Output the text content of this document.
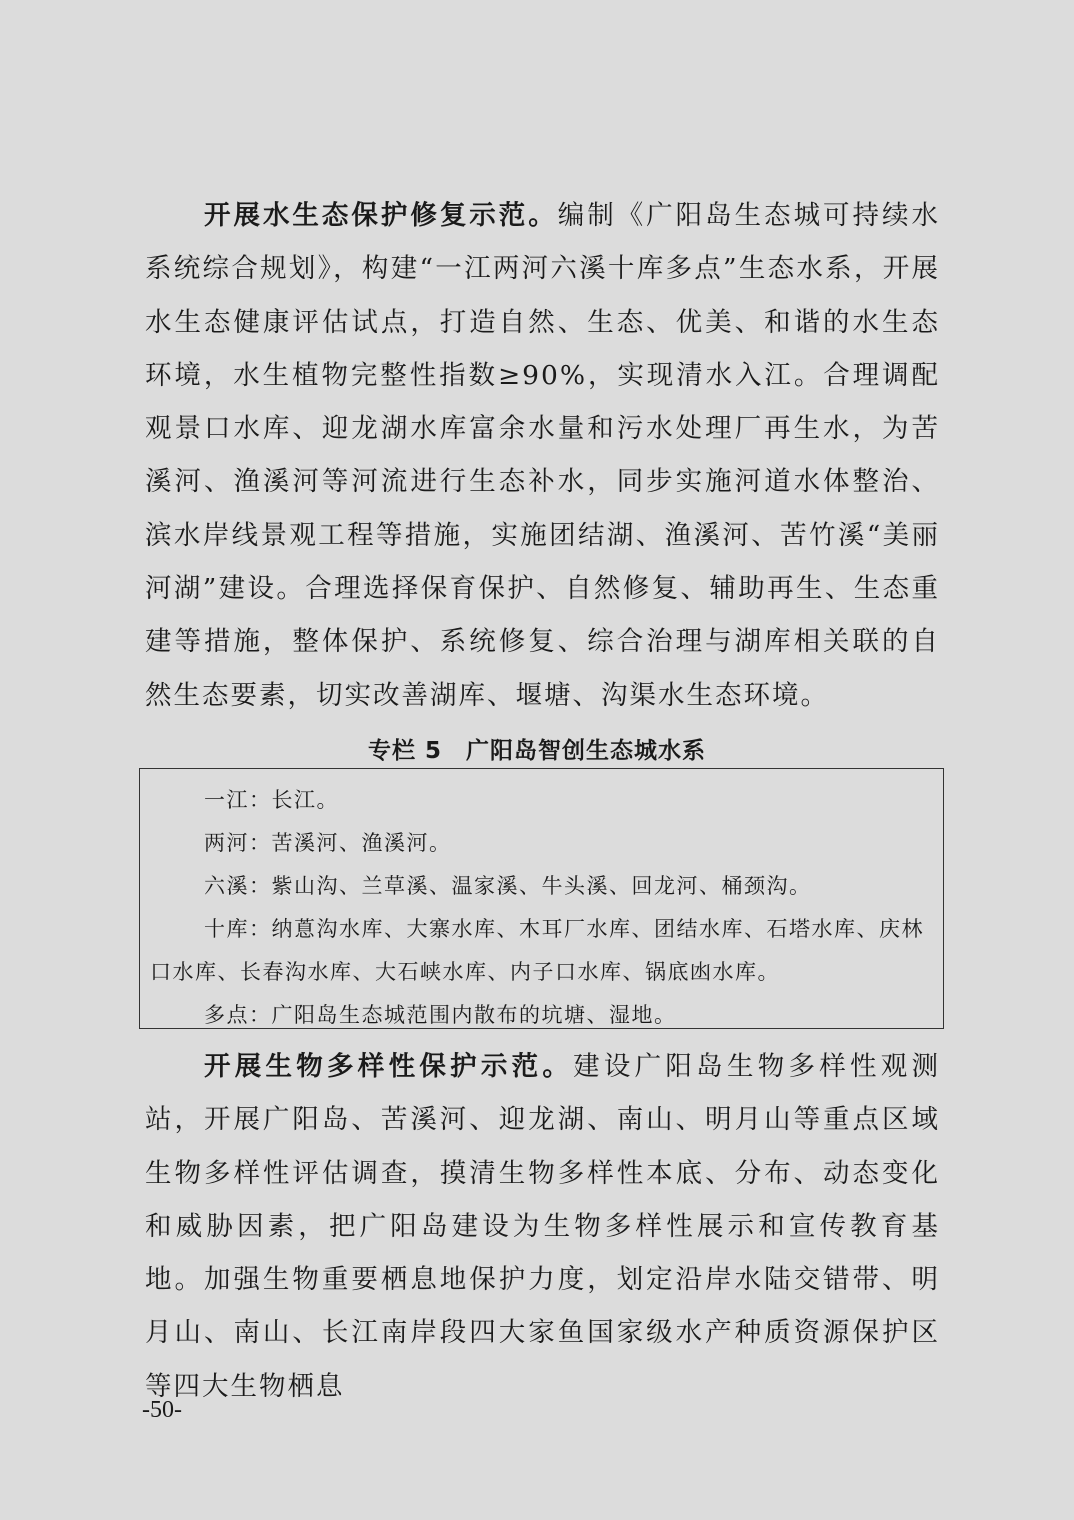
开展水生态保护修复示范。编制《广阳岛生态城可持续水系统综合规划》，构建“一江两河六溪十库多点”生态水系，开展水生态健康评估试点，打造自然、生态、优美、和谐的水生态环境，水生植物完整性指数≥90%，实现清水入江。合理调配观景口水库、迎龙湖水库富余水量和污水处理厂再生水，为苦溪河、渔溪河等河流进行生态补水，同步实施河道水体整治、滨水岸线景观工程等措施，实施团结湖、渔溪河、苦竹溪“美丽河湖”建设。合理选择保育保护、自然修复、辅助再生、生态重建等措施，整体保护、系统修复、综合治理与湖库相关联的自然生态要素，切实改善湖库、堰塘、沟渠水生态环境。

专栏 5　广阳岛智创生态城水系

一江：长江。

两河：苦溪河、渔溪河。

六溪：紫山沟、兰草溪、温家溪、牛头溪、回龙河、桶颈沟。

十库：纳蒠沟水库、大寨水库、木耳厂水库、团结水库、石塔水库、庆林口水库、长春沟水库、大石峡水库、内子口水库、锅底凼水库。

多点：广阳岛生态城范围内散布的坑塘、湿地。

开展生物多样性保护示范。建设广阳岛生物多样性观测站，开展广阳岛、苦溪河、迎龙湖、南山、明月山等重点区域生物多样性评估调查，摸清生物多样性本底、分布、动态变化和威胁因素，把广阳岛建设为生物多样性展示和宣传教育基地。加强生物重要栖息地保护力度，划定沿岸水陆交错带、明月山、南山、长江南岸段四大家鱼国家级水产种质资源保护区等四大生物栖息

-50-
